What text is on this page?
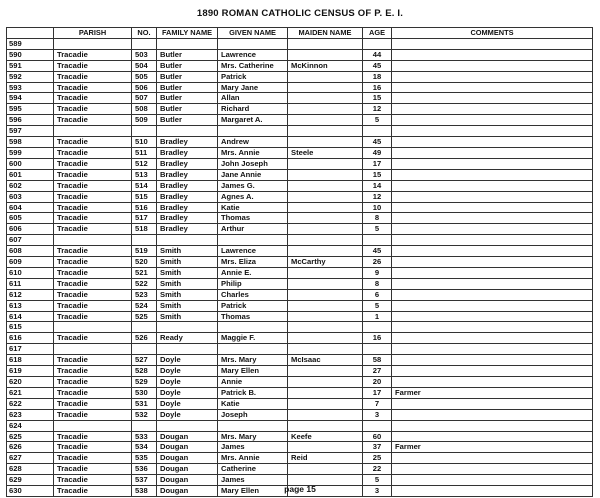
1890 ROMAN CATHOLIC CENSUS OF P. E. I.
	PARISH	NO.	FAMILY NAME	GIVEN NAME	MAIDEN NAME	AGE	COMMENTS
589							
590	Tracadie	503	Butler	Lawrence		44	
591	Tracadie	504	Butler	Mrs. Catherine	McKinnon	45	
592	Tracadie	505	Butler	Patrick		18	
593	Tracadie	506	Butler	Mary Jane		16	
594	Tracadie	507	Butler	Allan		15	
595	Tracadie	508	Butler	Richard		12	
596	Tracadie	509	Butler	Margaret A.		5	
597							
598	Tracadie	510	Bradley	Andrew		45	
599	Tracadie	511	Bradley	Mrs. Annie	Steele	49	
600	Tracadie	512	Bradley	John Joseph		17	
601	Tracadie	513	Bradley	Jane Annie		15	
602	Tracadie	514	Bradley	James G.		14	
603	Tracadie	515	Bradley	Agnes A.		12	
604	Tracadie	516	Bradley	Katie		10	
605	Tracadie	517	Bradley	Thomas		8	
606	Tracadie	518	Bradley	Arthur		5	
607							
608	Tracadie	519	Smith	Lawrence		45	
609	Tracadie	520	Smith	Mrs. Eliza	McCarthy	26	
610	Tracadie	521	Smith	Annie E.		9	
611	Tracadie	522	Smith	Philip		8	
612	Tracadie	523	Smith	Charles		6	
613	Tracadie	524	Smith	Patrick		5	
614	Tracadie	525	Smith	Thomas		1	
615							
616	Tracadie	526	Ready	Maggie F.		16	
617							
618	Tracadie	527	Doyle	Mrs. Mary	McIsaac	58	
619	Tracadie	528	Doyle	Mary Ellen		27	
620	Tracadie	529	Doyle	Annie		20	
621	Tracadie	530	Doyle	Patrick B.		17	Farmer
622	Tracadie	531	Doyle	Katie		7	
623	Tracadie	532	Doyle	Joseph		3	
624							
625	Tracadie	533	Dougan	Mrs. Mary	Keefe	60	
626	Tracadie	534	Dougan	James		37	Farmer
627	Tracadie	535	Dougan	Mrs. Annie	Reid	25	
628	Tracadie	536	Dougan	Catherine		22	
629	Tracadie	537	Dougan	James		5	
630	Tracadie	538	Dougan	Mary Ellen		3	
page 15
